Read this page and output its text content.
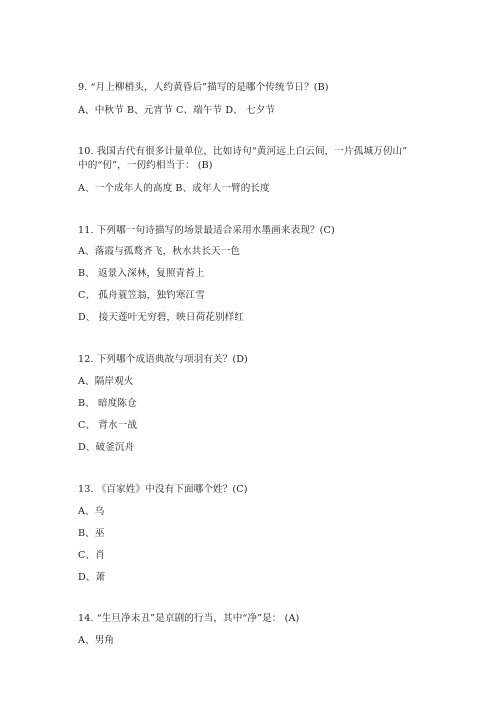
9. “月上柳梢头，人约黄昏后”描写的是哪个传统节日？(B)
A、中秋节 B、元宵节 C、端午节 D、 七夕节
10. 我国古代有很多计量单位，比如诗句“黄河远上白云间，一片孤城万仞山”
中的“仞”，一仞约相当于： (B)
A、一个成年人的高度 B、成年人一臂的长度
11. 下列哪一句诗描写的场景最适合采用水墨画来表现？(C)
A、落霞与孤鹜齐飞，秋水共长天一色
B、 返景入深林，复照青苔上
C、 孤舟蓑笠翁，独钓寒江雪
D、 接天莲叶无穷碧，映日荷花别样红
12. 下列哪个成语典故与项羽有关？(D)
A、隔岸观火
B、 暗度陈仓
C、 背水一战
D、破釜沉舟
13. 《百家姓》中没有下面哪个姓？(C)
A、乌
B、巫
C、肖
D、萧
14. “生旦净末丑”是京剧的行当，其中“净”是： (A)
A、男角
